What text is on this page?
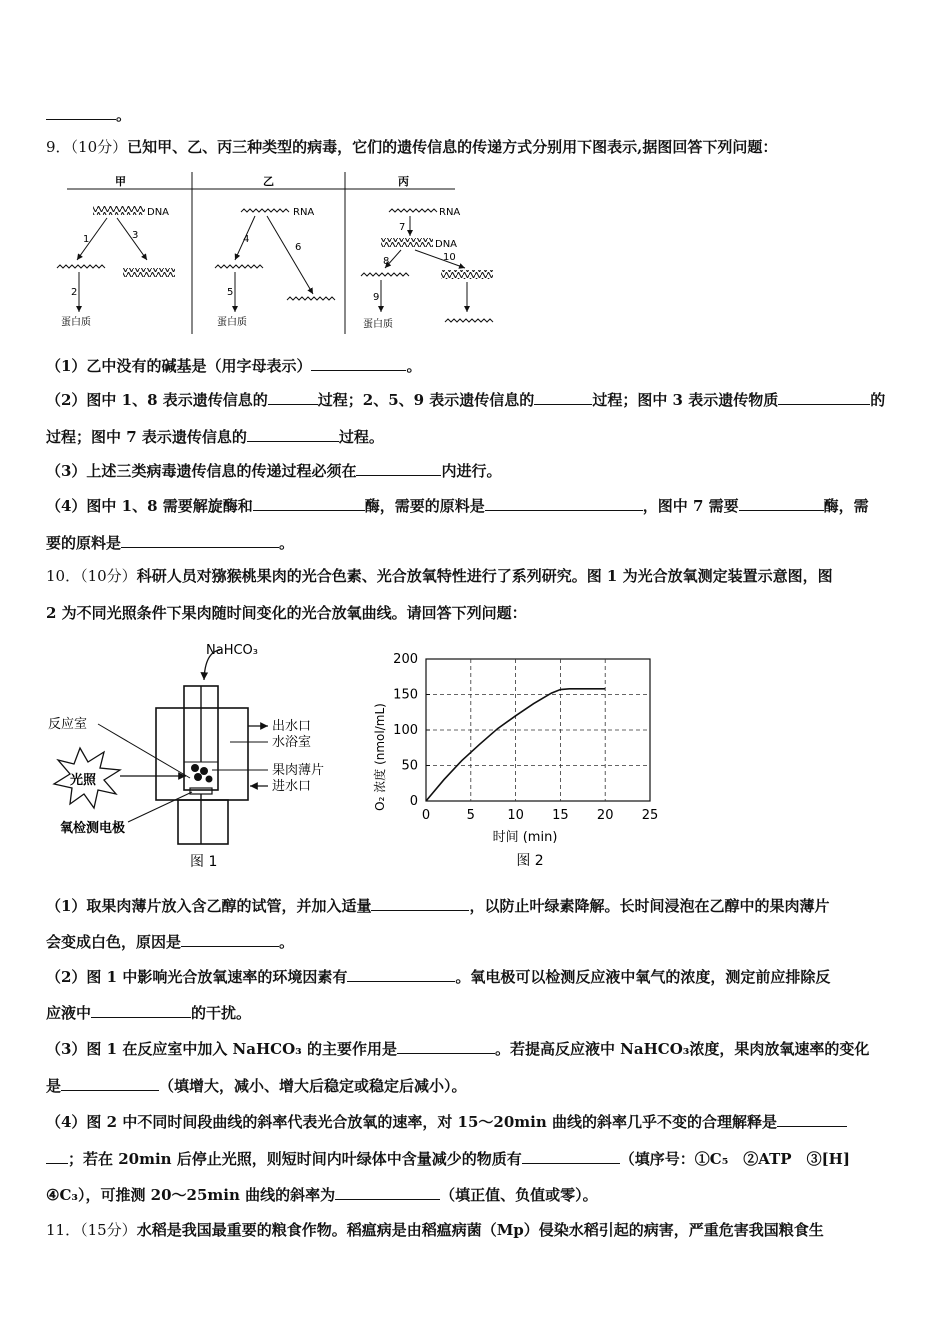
。
9．（10分）已知甲、乙、丙三种类型的病毒，它们的遗传信息的传递方式分别用下图表示,据图回答下列问题：
甲	乙	丙
DNA
1	3
2
蛋白质
RNA
4
6
5
蛋白质
RNA
7
DNA
8	10
9
蛋白质
（1）乙中没有的碱基是（用字母表示）	。
（2）图中 1、8 表示遗传信息的	过程；2、5、9 表示遗传信息的	过程；图中 3 表示遗传物质	的
过程；图中 7 表示遗传信息的	过程。
（3）上述三类病毒遗传信息的传递过程必须在	内进行。
（4）图中 1、8 需要解旋酶和	酶，需要的原料是	，图中 7 需要	酶，需
要的原料是	。
10．（10分）科研人员对猕猴桃果肉的光合色素、光合放氧特性进行了系列研究。图 1 为光合放氧测定装置示意图，图
2 为不同光照条件下果肉随时间变化的光合放氧曲线。请回答下列问题：
NaHCO₃
出水口
水浴室
果肉薄片
进水口
反应室
光照
氧检测电极
图 1
O₂ 浓度 (nmol/mL)
时间 (min)
图 2
0
50
100
150
200
0	5 10 15 20 25
（1）取果肉薄片放入含乙醇的试管，并加入适量	，以防止叶绿素降解。长时间浸泡在乙醇中的果肉薄片
会变成白色，原因是	。
（2）图 1 中影响光合放氧速率的环境因素有	。氧电极可以检测反应液中氧气的浓度，测定前应排除反
应液中	的干扰。
（3）图 1 在反应室中加入 NaHCO₃ 的主要作用是	。若提高反应液中 NaHCO₃浓度，果肉放氧速率的变化
是	（填增大，减小、增大后稳定或稳定后减小）。
（4）图 2 中不同时间段曲线的斜率代表光合放氧的速率，对 15～20min 曲线的斜率几乎不变的合理解释是
；若在 20min 后停止光照，则短时间内叶绿体中含量减少的物质有	（填序号：①C₅　②ATP　③[H]
④C₃），可推测 20～25min 曲线的斜率为	（填正值、负值或零）。
11．（15分）水稻是我国最重要的粮食作物。稻瘟病是由稻瘟病菌（Mp）侵染水稻引起的病害，严重危害我国粮食生
